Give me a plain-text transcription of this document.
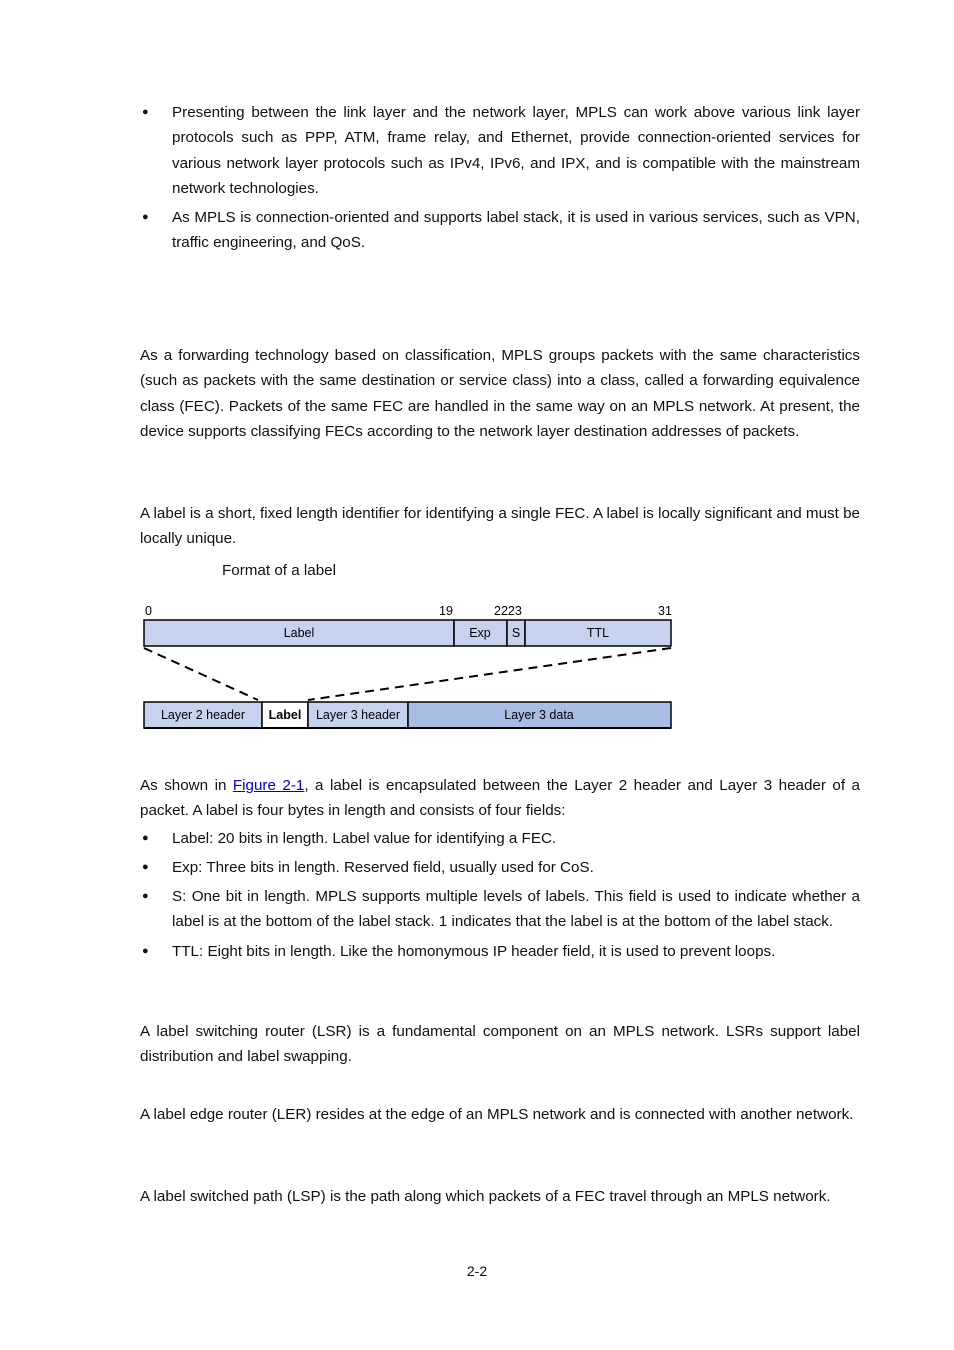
● Presenting between the link layer and the network layer, MPLS can work above various link layer protocols such as PPP, ATM, frame relay, and Ethernet, provide connection-oriented services for various network layer protocols such as IPv4, IPv6, and IPX, and is compatible with the mainstream network technologies.
● As MPLS is connection-oriented and supports label stack, it is used in various services, such as VPN, traffic engineering, and QoS.

As a forwarding technology based on classification, MPLS groups packets with the same characteristics (such as packets with the same destination or service class) into a class, called a forwarding equivalence class (FEC). Packets of the same FEC are handled in the same way on an MPLS network. At present, the device supports classifying FECs according to the network layer destination addresses of packets.

A label is a short, fixed length identifier for identifying a single FEC. A label is locally significant and must be locally unique.

Format of a label
0	19	2223	31
Label	Exp S	TTL
Layer 2 header Label Layer 3 header	Layer 3 data

As shown in Figure 2-1, a label is encapsulated between the Layer 2 header and Layer 3 header of a packet. A label is four bytes in length and consists of four fields:

● Label: 20 bits in length. Label value for identifying a FEC.
● Exp: Three bits in length. Reserved field, usually used for CoS.
● S: One bit in length. MPLS supports multiple levels of labels. This field is used to indicate whether a label is at the bottom of the label stack. 1 indicates that the label is at the bottom of the label stack.
● TTL: Eight bits in length. Like the homonymous IP header field, it is used to prevent loops.

A label switching router (LSR) is a fundamental component on an MPLS network. LSRs support label distribution and label swapping.

A label edge router (LER) resides at the edge of an MPLS network and is connected with another network.

A label switched path (LSP) is the path along which packets of a FEC travel through an MPLS network.

2-2
